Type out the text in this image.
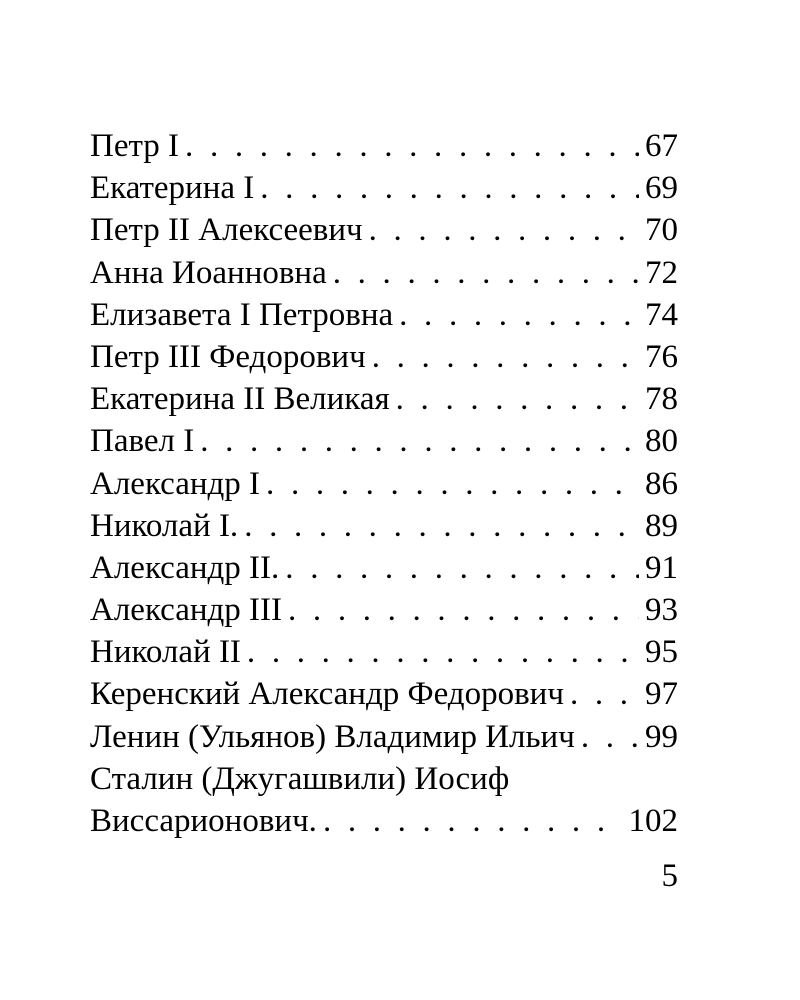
Петр I . . .	67
Екатерина I . . .	69
Петр II Алексеевич . . .	70
Анна Иоанновна . . .	72
Елизавета I Петровна . . .	74
Петр III Федорович . . .	76
Екатерина II Великая . . .	78
Павел I . . .	80
Александр I . . .	86
Николай I. . . .	89
Александр II. . . .	91
Александр III . . .	93
Николай II . . .	95
Керенский Александр Федорович . . . 97
Ленин (Ульянов) Владимир Ильич . . . 99
Сталин (Джугашвили) Иосиф
Виссарионович. . . .	102
5
